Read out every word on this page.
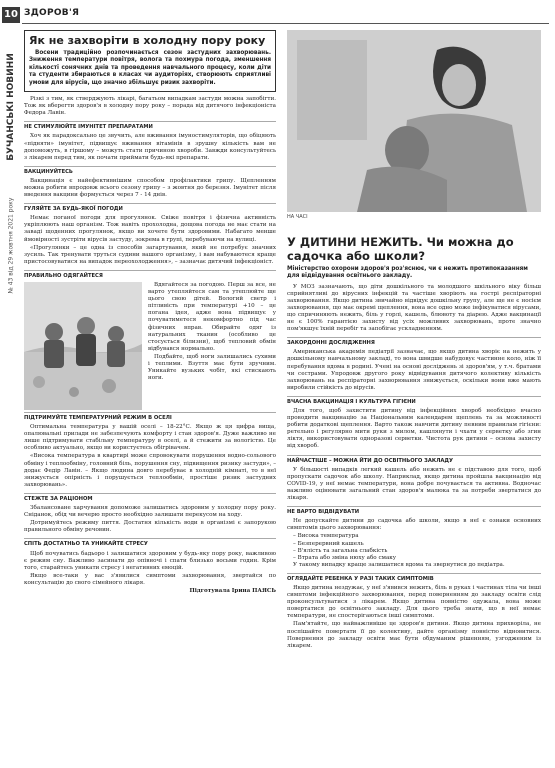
10 ЗДОРОВ'Я
БУЧАНСЬКІ НОВИНИ
№ 43 від 29 жовтня 2021 року
Як не захворіти в холодну пору року

Восени традиційно розпочинається сезон застудних захворювань. Зниження температури повітря, волога та похмура погода, зменшення кількості сонячних днів та проведення навчального процесу, коли діти та студенти збираються в класах чи аудиторіях, створюють сприятливі умови для вірусів, що значно збільшує ризик захворіти.

Різкі з тим, як стверджують лікарі, багатьом випадкам застуди можна запобігти. Тож як вберегти здоров'я в холодну пору року – порада від дитячого інфекціоніста Федора Лавін.

НЕ СТИМУЛЮЙТЕ ІМУНІТЕТ ПРЕПАРАТАМИ

Хоч як парадоксально це звучить, але вживання імуностимуляторів, що обіцяють «підняти» імунітет, підвищує вживання вітамінів в зрушну кількість вам не допоможуть, в гіршому – можуть стати причиною хвороби. Завжди консультуйтесь з лікарем перед тим, як почати приймати будь-які препарати.

ВАКЦИНУЙТЕСЬ

Вакцинація є найефективнішим способом профілактики грипу. Щепленням можна робити впродовж всього сезону грипу – з жовтня до березня. Імунітет після введення вакцини формується через 7 - 14 днів.

ГУЛЯЙТЕ ЗА БУДЬ-ЯКОЇ ПОГОДИ

Немає поганої погоди для прогулянок. Свіже повітря і фізична активність укріплюють наш організм. Тож навіть прохолодна, дощова погода не має стати на заваді щоденних прогулянок, якщо ви хочете бути здоровими. Набагато менше ймовірності зустріти вірусів застуду, зокрема в групі, перебуваючи на вулиці.

«Прогулянки – це одна із способів загартування, який не потребує значних зусиль. Так тренувати труться судини вашого організму, і вам набуваютеся краще пристосовуватися на випадок переохолодження», – зазначає дитячий інфекціоніст.

ПРАВИЛЬНО ОДЯГАЙТЕСЯ

Вдягайтеся за погодою. Перш за все, не варто утепляйтеся сам та утеплюйте ще цього свою дітей. Вологий светр і пітливість при температурі +10 – це погана ідея, адже вона підвищує у почуватиметеся некомфортно під час фізичних вправ. Обирайте одяг із натуральних тканин (особливо це стосується білизни), щоб тепловий обмін відбувався нормально.

Подбайте, щоб ноги залишались сухими і теплими. Взуття має бути зручним. Уникайте вузьких чобіт, які стискають ноги.

ПІДТРИМУЙТЕ ТЕМПЕРАТУРНИЙ РЕЖИМ В ОСЕЛІ

Оптимальна температура у вашій оселі – 18-22°С. Якщо ж ця цифра вища, опалювальні прилади не забезпечують комфорту і стан здоров'я. Дуже важливо не лише підтримувати стабільну температуру в оселі, а й стежити за вологістю. Це особливо актуально, якщо ви користуєтесь обігрівачем.

«Висока температура в квартирі може спровокувати порушення водно-сольового обміну і теплообміну, головний біль, порушення сну, підвищення ризику застуди», – додає Федір Лавін. – Якщо людина довго перебуває в холодній кімнаті, то в неї знижується опірність і порушується теплообмін, простіше ризик застудних захворювань».

СТЕЖТЕ ЗА РАЦІОНОМ

Збалансоване харчування допоможе залишатись здоровим у холодну пору року. Сніданок, обід чи вечерю просто необхідно залишати перекусом на ходу.

Дотримуйтесь режиму пиття. Достатня кількість води в організмі є запорукою правильного обміну речовин.

СПІТЬ ДОСТАТНЬО ТА УНИКАЙТЕ СТРЕСУ

Щоб почуватись бадьоро і залишатися здоровим у будь-яку пору року, важливою є режим сну. Важливо засинати до опівночі і спати близько восьми годин. Крім того, старайтесь уникати стресу і негативних емоцій.

Якщо все-таки у вас з'явилися симптоми захворювання, звертайся по консультацію до свого сімейного лікаря.

Підготувала Ірина ПАЯСЬ
НА ЧАСІ
У ДИТИНИ НЕЖИТЬ. Чи можна до садочка або школи?
Міністерство охорони здоров'я роз'яснює, чи є нежить протипоказанням для відвідування освітнього закладу.

У МОЗ зазначають, що діти дошкільного та молодшого шкільного віку більш сприйнятливі до вірусних інфекцій та частіше хворіють на гострі респіраторні захворювання. Якщо дитина звичайно відвідує дошкільну групу, але ще не є носієм захворювання, що має окремі щеплення, вона все одно може інфікуватися вірусами, що спричиняють нежить, біль у горлі, кашель, блювоту та діарею. Адже вакцинації не є 100% гарантією захисту від усіх можливих захворювань, проте значно пом'якшує їхній перебіг та запобігає ускладненням.

ЗАКОРДОННІ ДОСЛІДЖЕННЯ

Американська академія педіатрії зазначає, що якщо дитина хворіє на нежить у дошкільному навчальному закладі, то вона швидше набудовує частинне коло, ніж її перебування вдома в родині. Учені на основі досліджень зі здоров'ям, у т.ч. братами чи сестрами. Упродовж другого року відвідування дитячого колективу кількість захворювань на респіраторні захворювання знижується, оскільки вони вже мають виробили стійкість до вірусів.

ВЧАСНА ВАКЦИНАЦІЯ І КУЛЬТУРА ГІГІЄНИ

Для того, щоб захистити дитину від інфекційних хвороб необхідно вчасно проводити вакцинацію за Національним календарем щеплень та за можливості робити додаткові щеплення. Варто також навчити дитину певним правилам гігієни: ретельно і регулярно мити руки з милом, кашлянути і чхати у серветку або згин ліктя, використовувати одноразові серветки. Чистота рук дитини – основа захисту від хвороб.

НАЙЧАСТІШЕ – МОЖНА ЙТИ ДО ОСВІТНЬОГО ЗАКЛАДУ

У більшості випадків легкий кашель або нежить не є підставою для того, щоб пропускати садочок або школу. Наприклад, якщо дитина пройшла вакцинацію від COVID-19, у неї немає температури, вона добре почувається та активна. Водночас важливо оцінювати загальний стан здоров'я малюка та за потреби звертатися до лікаря.

НЕ ВАРТО ВІДВІДУВАТИ

Не допускайте дитини до садочка або школи, якщо в неї є ознаки основних симптомів цього захворювання:

– Висока температура
– Безперервний кашель
– В'ялість та загальна слабкість
– Втрата або зміна нюху або смаку

У такому випадку краще залишатися вдома та звернутися до педіатра.

ОГЛЯДАЙТЕ РЕБЕНКА У РАЗІ ТАКИХ СИМПТОМІВ

Якщо дитина нездужає, у неї з'явився нежить, біль в руках і частинах тіла чи інші симптоми інфекційного захворювання, перед поверненням до закладу освіти слід проконсультуватися з лікарем. Якщо дитина повністю одужала, вона може повертатися до освітнього закладу. Для цього треба знати, що в неї немає температури, не спостерігаються інші симптоми.

Пам'ятайте, що найважливіше це здоров'я дитини. Якщо дитина прихворіла, не поспішайте повертати її до колективу, дайте організму повністю відновитися. Повернення до закладу освіти має бути обдуманим рішенням, узгодженим із лікарем.
